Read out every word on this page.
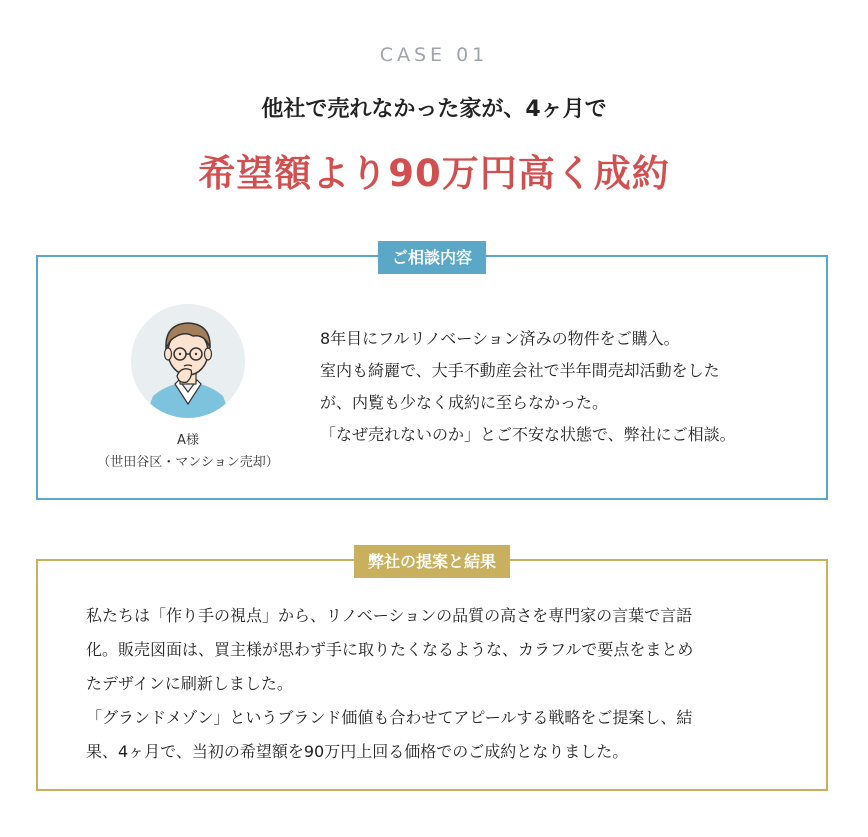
CASE 01
他社で売れなかった家が、4ヶ月で
希望額より90万円高く成約
ご相談内容
A様
（世田谷区・マンション売却）
8年目にフルリノベーション済みの物件をご購入。
室内も綺麗で、大手不動産会社で半年間売却活動をした
が、内覧も少なく成約に至らなかった。
「なぜ売れないのか」とご不安な状態で、弊社にご相談。
弊社の提案と結果
私たちは「作り手の視点」から、リノベーションの品質の高さを専門家の言葉で言語
化。販売図面は、買主様が思わず手に取りたくなるような、カラフルで要点をまとめ
たデザインに刷新しました。
「グランドメゾン」というブランド価値も合わせてアピールする戦略をご提案し、結
果、4ヶ月で、当初の希望額を90万円上回る価格でのご成約となりました。
